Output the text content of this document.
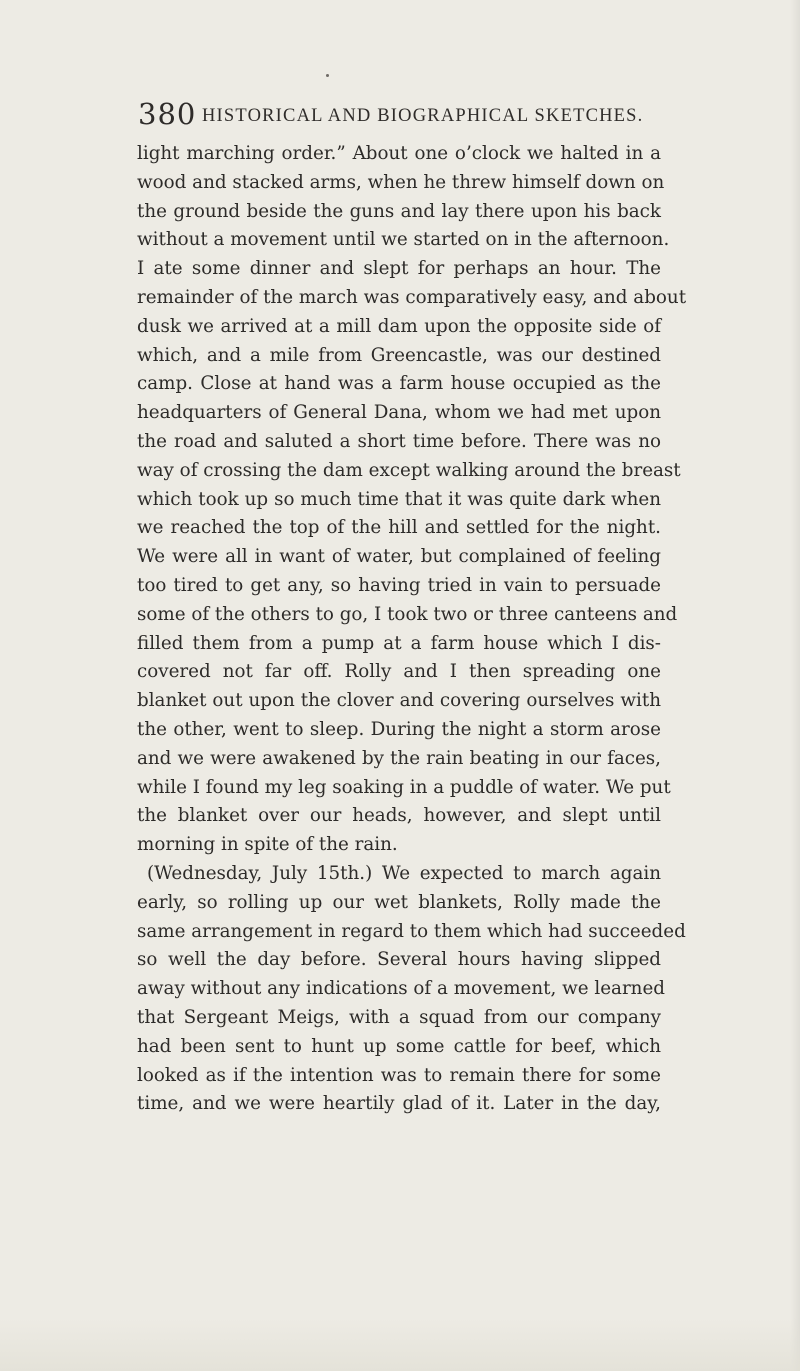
380 HISTORICAL AND BIOGRAPHICAL SKETCHES.
light marching order.” About one o’clock we halted in a
wood and stacked arms, when he threw himself down on
the ground beside the guns and lay there upon his back
without a movement until we started on in the afternoon.
I ate some dinner and slept for perhaps an hour. The
remainder of the march was comparatively easy, and about
dusk we arrived at a mill dam upon the opposite side of
which, and a mile from Greencastle, was our destined
camp. Close at hand was a farm house occupied as the
headquarters of General Dana, whom we had met upon
the road and saluted a short time before. There was no
way of crossing the dam except walking around the breast
which took up so much time that it was quite dark when
we reached the top of the hill and settled for the night.
We were all in want of water, but complained of feeling
too tired to get any, so having tried in vain to persuade
some of the others to go, I took two or three canteens and
filled them from a pump at a farm house which I dis-
covered not far off. Rolly and I then spreading one
blanket out upon the clover and covering ourselves with
the other, went to sleep. During the night a storm arose
and we were awakened by the rain beating in our faces,
while I found my leg soaking in a puddle of water. We put
the blanket over our heads, however, and slept until
morning in spite of the rain.
(Wednesday, July 15th.) We expected to march again
early, so rolling up our wet blankets, Rolly made the
same arrangement in regard to them which had succeeded
so well the day before. Several hours having slipped
away without any indications of a movement, we learned
that Sergeant Meigs, with a squad from our company
had been sent to hunt up some cattle for beef, which
looked as if the intention was to remain there for some
time, and we were heartily glad of it. Later in the day,
